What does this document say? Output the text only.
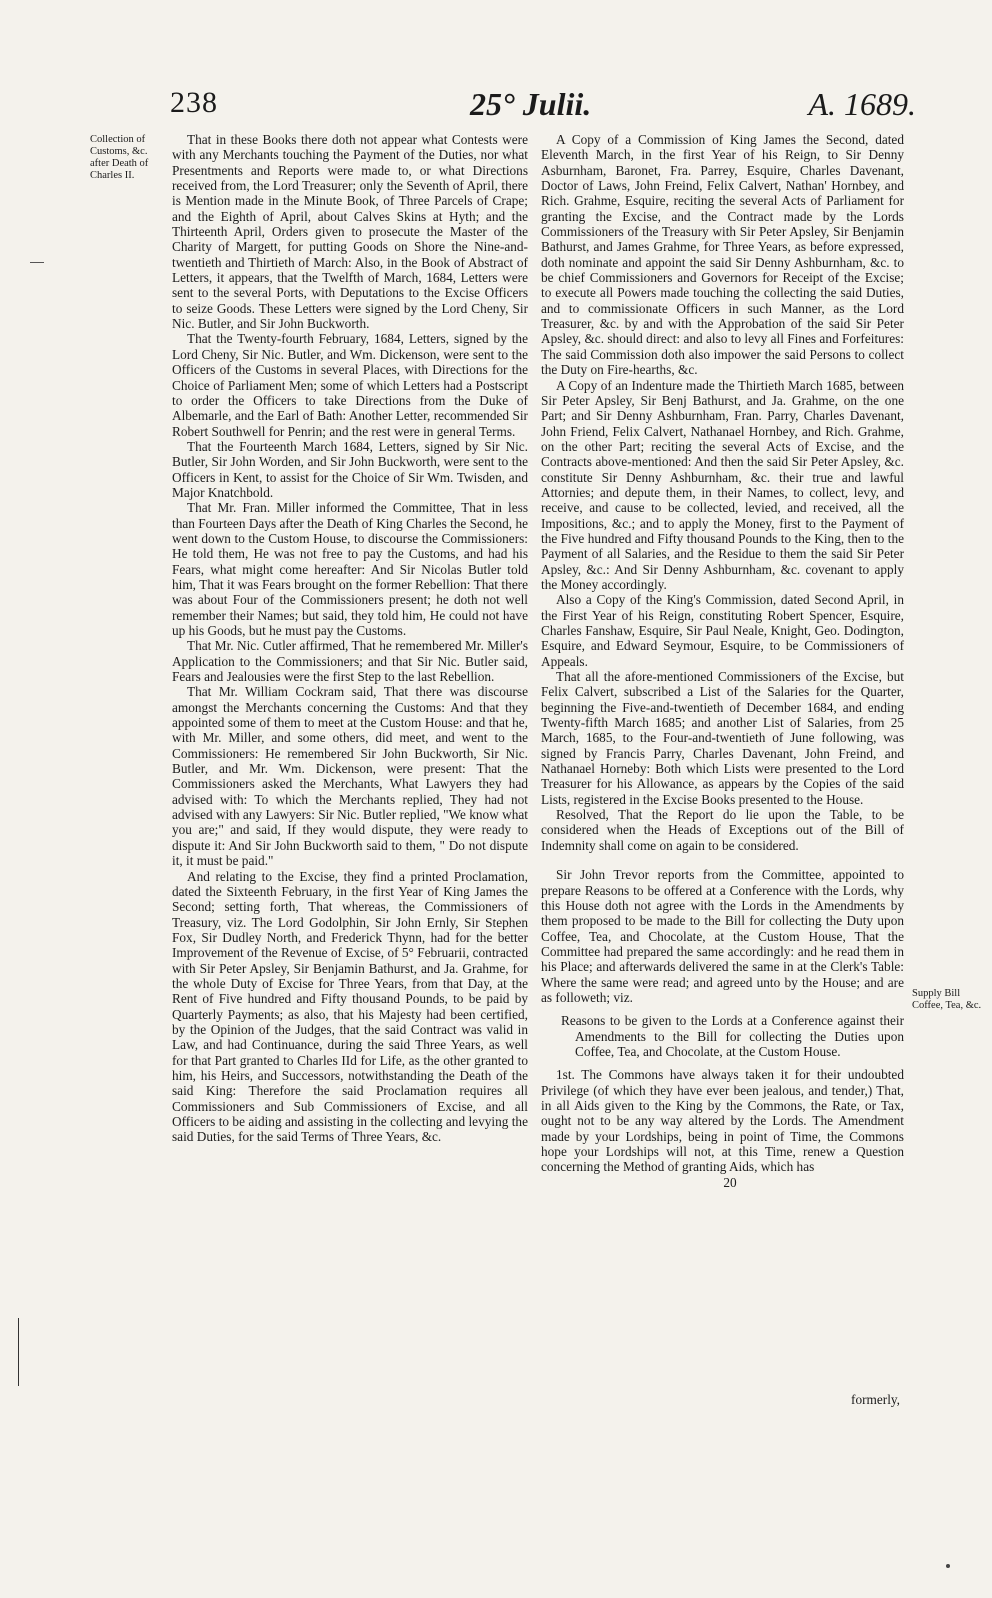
238	25° Julii.	A. 1689.
Collection of Customs, &c. after Death of Charles II.
Supply Bill Coffee, Tea, &c.

That in these Books there doth not appear what Contests were with any Merchants touching the Payment of the Duties, nor what Presentments and Reports were made to, or what Directions received from, the Lord Treasurer; only the Seventh of April, there is Mention made in the Minute Book, of Three Parcels of Crape; and the Eighth of April, about Calves Skins at Hyth; and the Thirteenth April, Orders given to prosecute the Master of the Charity of Margett, for putting Goods on Shore the Nine-and-twentieth and Thirtieth of March: Also, in the Book of Abstract of Letters, it appears, that the Twelfth of March, 1684, Letters were sent to the several Ports, with Deputations to the Excise Officers to seize Goods. These Letters were signed by the Lord Cheny, Sir Nic. Butler, and Sir John Buckworth.

That the Twenty-fourth February, 1684, Letters, signed by the Lord Cheny, Sir Nic. Butler, and Wm. Dickenson, were sent to the Officers of the Customs in several Places, with Directions for the Choice of Parliament Men; some of which Letters had a Postscript to order the Officers to take Directions from the Duke of Albemarle, and the Earl of Bath: Another Letter, recommended Sir Robert Southwell for Penrin; and the rest were in general Terms.

That the Fourteenth March 1684, Letters, signed by Sir Nic. Butler, Sir John Worden, and Sir John Buckworth, were sent to the Officers in Kent, to assist for the Choice of Sir Wm. Twisden, and Major Knatchbold.

That Mr. Fran. Miller informed the Committee, That in less than Fourteen Days after the Death of King Charles the Second, he went down to the Custom House, to discourse the Commissioners: He told them, He was not free to pay the Customs, and had his Fears, what might come hereafter: And Sir Nicolas Butler told him, That it was Fears brought on the former Rebellion: That there was about Four of the Commissioners present; he doth not well remember their Names; but said, they told him, He could not have up his Goods, but he must pay the Customs.

That Mr. Nic. Cutler affirmed, That he remembered Mr. Miller's Application to the Commissioners; and that Sir Nic. Butler said, Fears and Jealousies were the first Step to the last Rebellion.

That Mr. William Cockram said, That there was discourse amongst the Merchants concerning the Customs: And that they appointed some of them to meet at the Custom House: and that he, with Mr. Miller, and some others, did meet, and went to the Commissioners: He remembered Sir John Buckworth, Sir Nic. Butler, and Mr. Wm. Dickenson, were present: That the Commissioners asked the Merchants, What Lawyers they had advised with: To which the Merchants replied, They had not advised with any Lawyers: Sir Nic. Butler replied, "We know what you are;" and said, If they would dispute, they were ready to dispute it: And Sir John Buckworth said to them, " Do not dispute it, it must be paid."

And relating to the Excise, they find a printed Proclamation, dated the Sixteenth February, in the first Year of King James the Second; setting forth, That whereas, the Commissioners of Treasury, viz. The Lord Godolphin, Sir John Ernly, Sir Stephen Fox, Sir Dudley North, and Frederick Thynn, had for the better Improvement of the Revenue of Excise, of 5° Februarii, contracted with Sir Peter Apsley, Sir Benjamin Bathurst, and Ja. Grahme, for the whole Duty of Excise for Three Years, from that Day, at the Rent of Five hundred and Fifty thousand Pounds, to be paid by Quarterly Payments; as also, that his Majesty had been certified, by the Opinion of the Judges, that the said Contract was valid in Law, and had Continuance, during the said Three Years, as well for that Part granted to Charles IId for Life, as the other granted to him, his Heirs, and Successors, notwithstanding the Death of the said King: Therefore the said Proclamation requires all Commissioners and Sub Commissioners of Excise, and all Officers to be aiding and assisting in the collecting and levying the said Duties, for the said Terms of Three Years, &c.

A Copy of a Commission of King James the Second, dated Eleventh March, in the first Year of his Reign, to Sir Denny Asburnham, Baronet, Fra. Parrey, Esquire, Charles Davenant, Doctor of Laws, John Freind, Felix Calvert, Nathan' Hornbey, and Rich. Grahme, Esquire, reciting the several Acts of Parliament for granting the Excise, and the Contract made by the Lords Commissioners of the Treasury with Sir Peter Apsley, Sir Benjamin Bathurst, and James Grahme, for Three Years, as before expressed, doth nominate and appoint the said Sir Denny Ashburnham, &c. to be chief Commissioners and Governors for Receipt of the Excise; to execute all Powers made touching the collecting the said Duties, and to commissionate Officers in such Manner, as the Lord Treasurer, &c. by and with the Approbation of the said Sir Peter Apsley, &c. should direct: and also to levy all Fines and Forfeitures: The said Commission doth also impower the said Persons to collect the Duty on Fire-hearths, &c.

A Copy of an Indenture made the Thirtieth March 1685, between Sir Peter Apsley, Sir Benj Bathurst, and Ja. Grahme, on the one Part; and Sir Denny Ashburnham, Fran. Parry, Charles Davenant, John Friend, Felix Calvert, Nathanael Hornbey, and Rich. Grahme, on the other Part; reciting the several Acts of Excise, and the Contracts above-mentioned: And then the said Sir Peter Apsley, &c. constitute Sir Denny Ashburnham, &c. their true and lawful Attornies; and depute them, in their Names, to collect, levy, and receive, and cause to be collected, levied, and received, all the Impositions, &c.; and to apply the Money, first to the Payment of the Five hundred and Fifty thousand Pounds to the King, then to the Payment of all Salaries, and the Residue to them the said Sir Peter Apsley, &c.: And Sir Denny Ashburnham, &c. covenant to apply the Money accordingly.

Also a Copy of the King's Commission, dated Second April, in the First Year of his Reign, constituting Robert Spencer, Esquire, Charles Fanshaw, Esquire, Sir Paul Neale, Knight, Geo. Dodington, Esquire, and Edward Seymour, Esquire, to be Commissioners of Appeals.

That all the afore-mentioned Commissioners of the Excise, but Felix Calvert, subscribed a List of the Salaries for the Quarter, beginning the Five-and-twentieth of December 1684, and ending Twenty-fifth March 1685; and another List of Salaries, from 25 March, 1685, to the Four-and-twentieth of June following, was signed by Francis Parry, Charles Davenant, John Freind, and Nathanael Horneby: Both which Lists were presented to the Lord Treasurer for his Allowance, as appears by the Copies of the said Lists, registered in the Excise Books presented to the House.

Resolved, That the Report do lie upon the Table, to be considered when the Heads of Exceptions out of the Bill of Indemnity shall come on again to be considered.

Sir John Trevor reports from the Committee, appointed to prepare Reasons to be offered at a Conference with the Lords, why this House doth not agree with the Lords in the Amendments by them proposed to be made to the Bill for collecting the Duty upon Coffee, Tea, and Chocolate, at the Custom House, That the Committee had prepared the same accordingly: and he read them in his Place; and afterwards delivered the same in at the Clerk's Table: Where the same were read; and agreed unto by the House; and are as followeth; viz.

Reasons to be given to the Lords at a Conference against their Amendments to the Bill for collecting the Duties upon Coffee, Tea, and Chocolate, at the Custom House.

1st. The Commons have always taken it for their undoubted Privilege (of which they have ever been jealous, and tender,) That, in all Aids given to the King by the Commons, the Rate, or Tax, ought not to be any way altered by the Lords. The Amendment made by your Lordships, being in point of Time, the Commons hope your Lordships will not, at this Time, renew a Question concerning the Method of granting Aids, which has

20

formerly,
